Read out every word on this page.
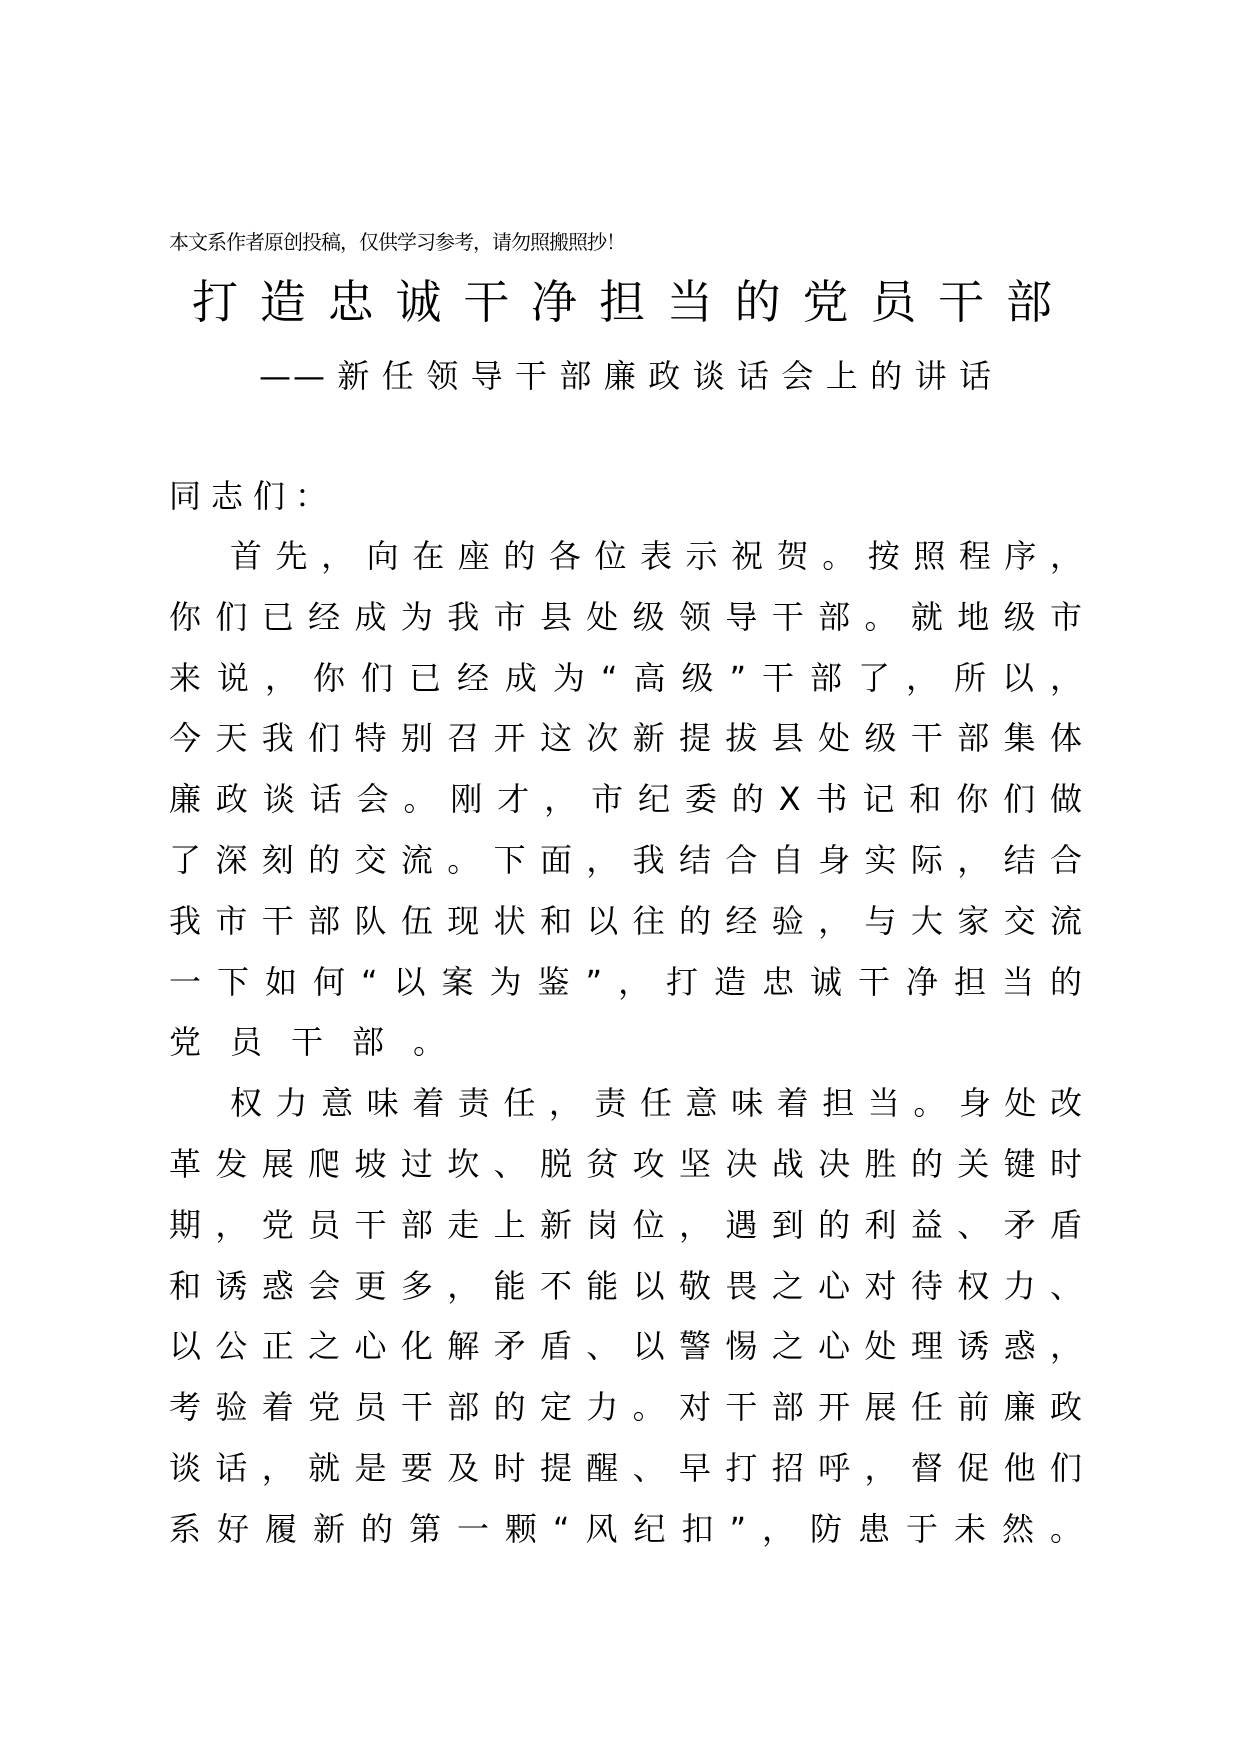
本文系作者原创投稿，仅供学习参考，请勿照搬照抄！
打造忠诚干净担当的党员干部
——新任领导干部廉政谈话会上的讲话
同志们：
首先，向在座的各位表示祝贺。按照程序，
你们已经成为我市县处级领导干部。就地级市
来说，你们已经成为“高级”干部了，所以，
今天我们特别召开这次新提拔县处级干部集体
廉政谈话会。刚才，市纪委的X书记和你们做
了深刻的交流。下面，我结合自身实际，结合
我市干部队伍现状和以往的经验，与大家交流
一下如何“以案为鉴”，打造忠诚干净担当的
党员干部。
权力意味着责任，责任意味着担当。身处改
革发展爬坡过坎、脱贫攻坚决战决胜的关键时
期，党员干部走上新岗位，遇到的利益、矛盾
和诱惑会更多，能不能以敬畏之心对待权力、
以公正之心化解矛盾、以警惕之心处理诱惑，
考验着党员干部的定力。对干部开展任前廉政
谈话，就是要及时提醒、早打招呼，督促他们
系好履新的第一颗“风纪扣”，防患于未然。
